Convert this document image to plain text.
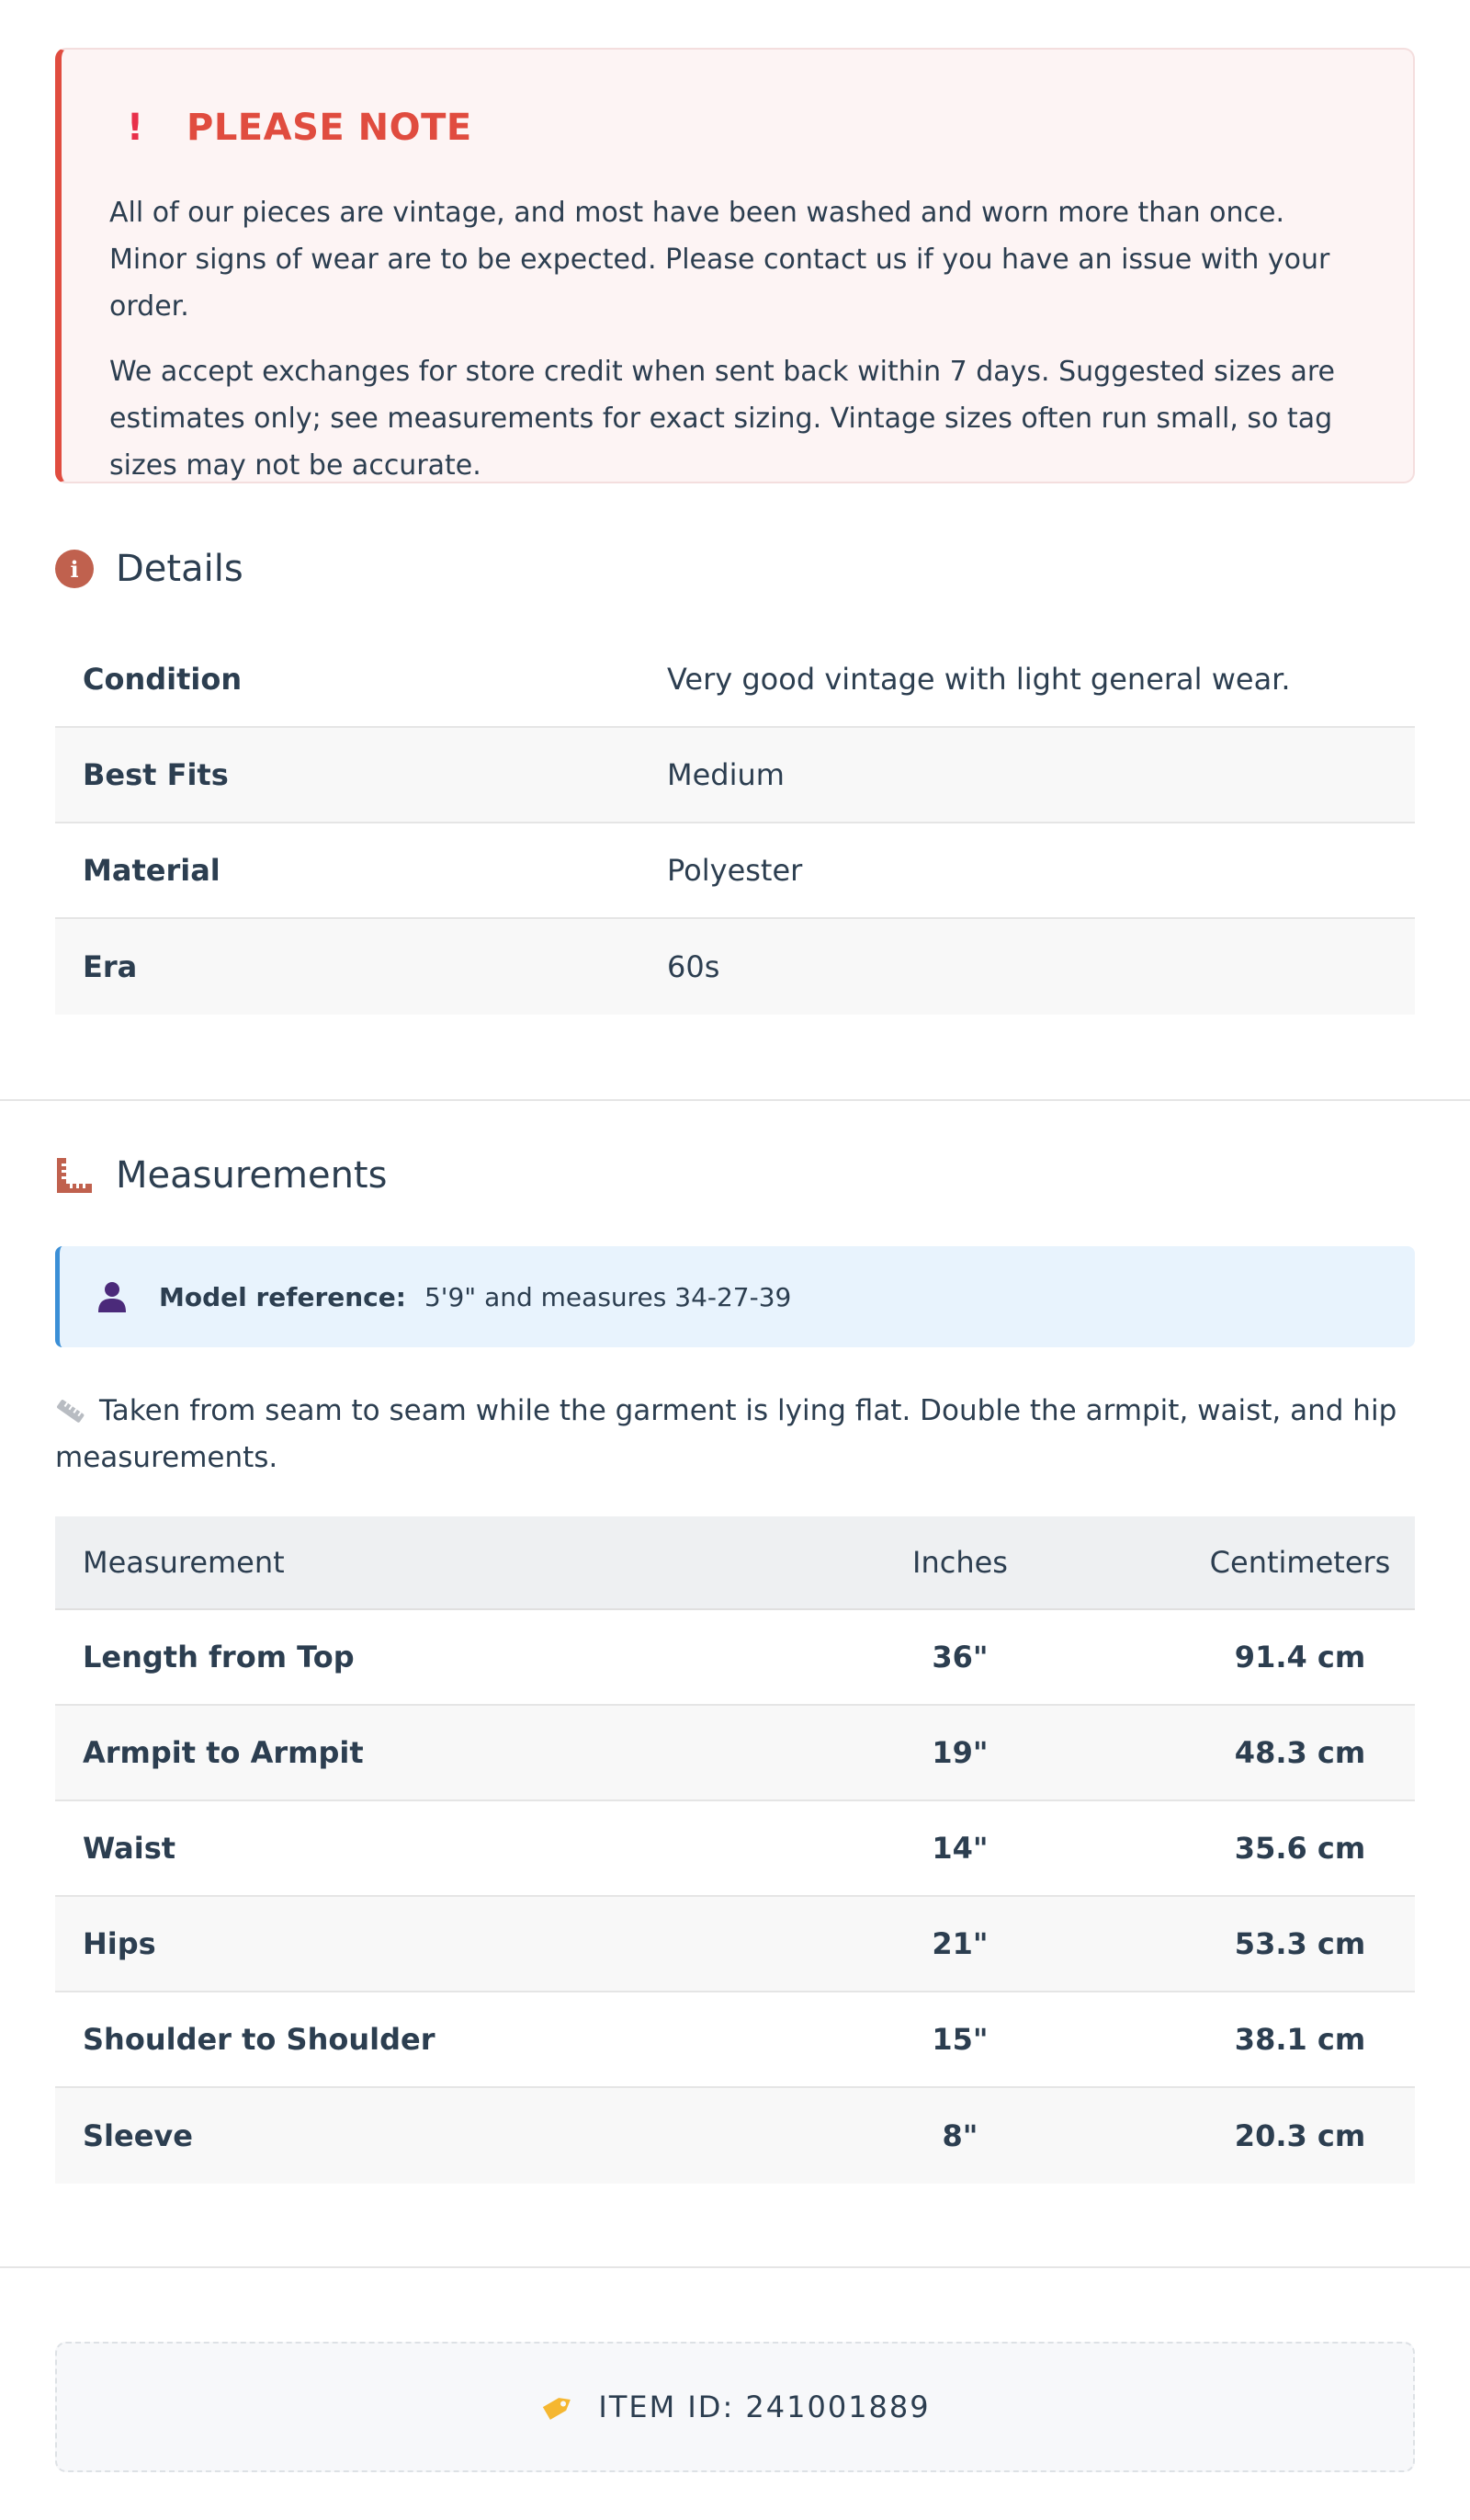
! PLEASE NOTE

All of our pieces are vintage, and most have been washed and worn more than once. Minor signs of wear are to be expected. Please contact us if you have an issue with your order.

We accept exchanges for store credit when sent back within 7 days. Suggested sizes are estimates only; see measurements for exact sizing. Vintage sizes often run small, so tag sizes may not be accurate.

i	Details
Condition	Very good vintage with light general wear.
Best Fits	Medium
Material	Polyester
Era	60s
Measurements
Model reference: 5'9" and measures 34-27-39
Taken from seam to seam while the garment is lying flat. Double the armpit, waist, and hip measurements.
Measurement	Inches	Centimeters
Length from Top	36"	91.4 cm
Armpit to Armpit	19"	48.3 cm
Waist	14"	35.6 cm
Hips	21"	53.3 cm
Shoulder to Shoulder	15"	38.1 cm
Sleeve	8"	20.3 cm
ITEM ID: 241001889
